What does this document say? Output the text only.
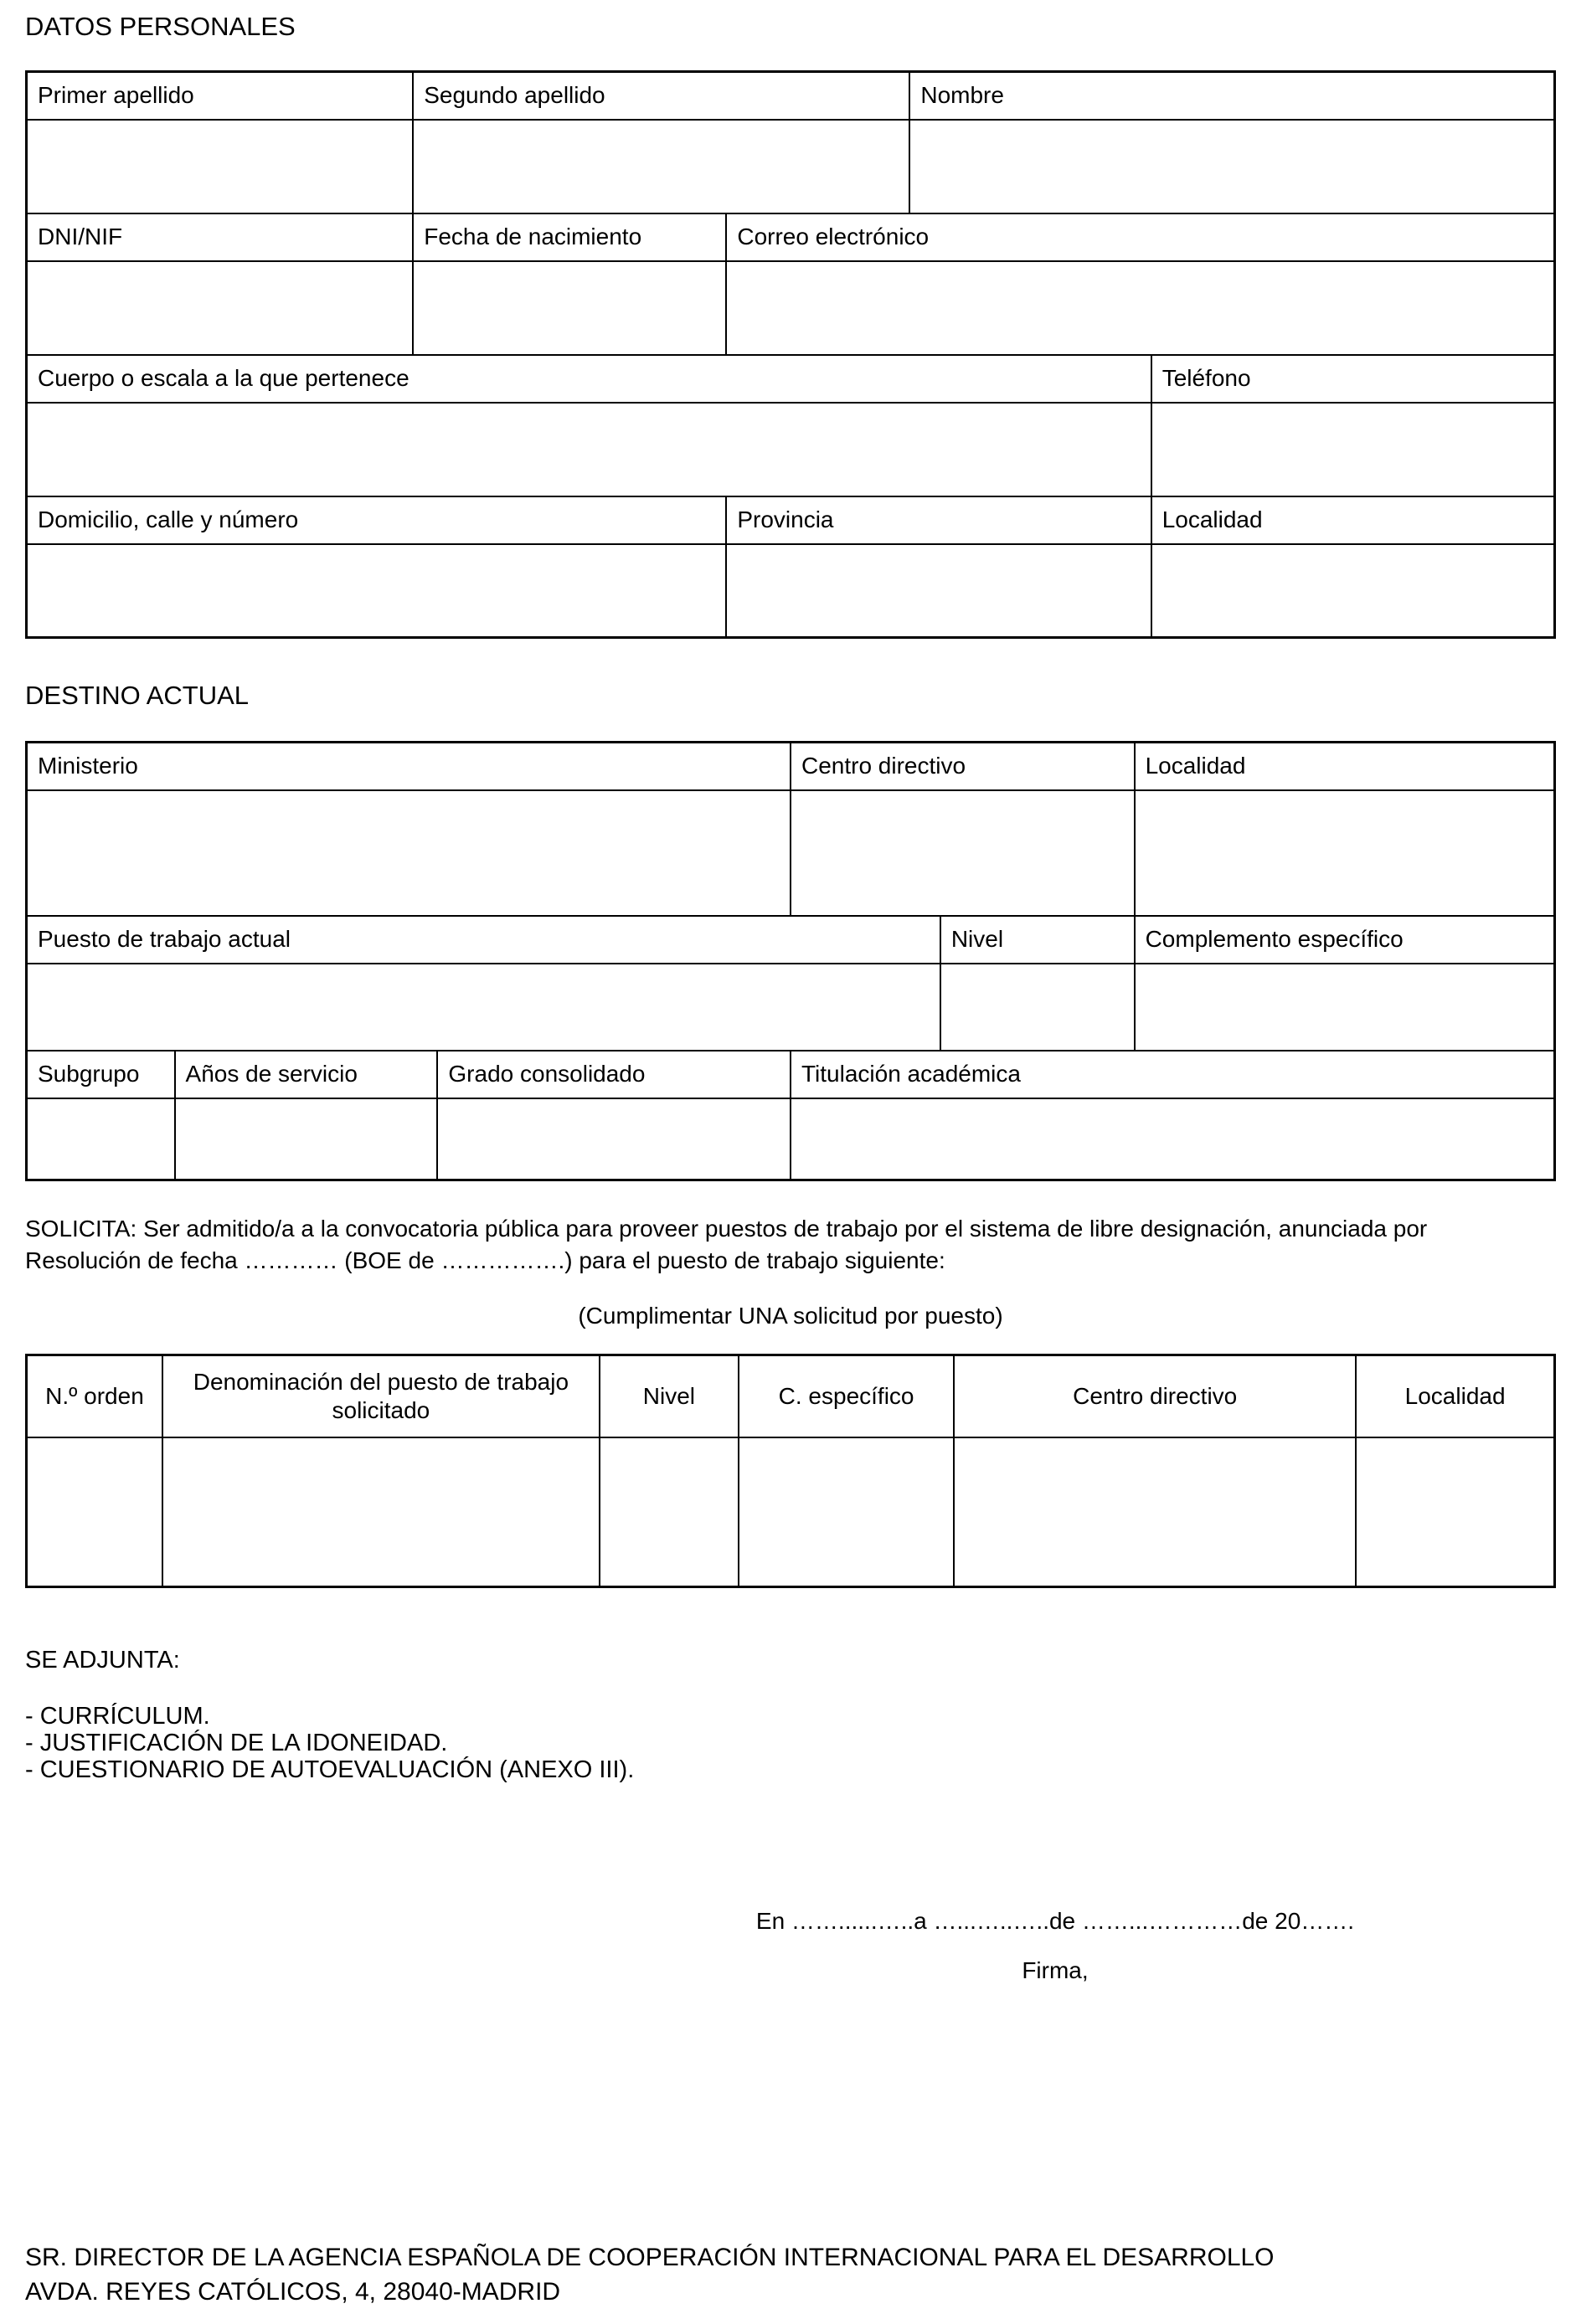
DATOS PERSONALES
Primer apellido	Segundo apellido		Nombre	

DNI/NIF	Fecha de nacimiento	Correo electrónico		

Cuerpo o escala a la que pertenece				Teléfono

Domicilio, calle y número		Provincia		Localidad

DESTINO ACTUAL
Ministerio			Centro directivo		Localidad

Puesto de trabajo actual				Nivel	Complemento específico

Subgrupo	Años de servicio	Grado consolidado	Titulación académica		

SOLICITA: Ser admitido/a a la convocatoria pública para proveer puestos de trabajo por el sistema de libre designación, anunciada por
Resolución de fecha ………… (BOE de …………….) para el puesto de trabajo siguiente:
(Cumplimentar UNA solicitud por puesto)
N.º orden	Denominación del puesto de trabajo solicitado	Nivel	C. específico	Centro directivo	Localidad

SE ADJUNTA:
- CURRÍCULUM.
- JUSTIFICACIÓN DE LA IDONEIDAD.
- CUESTIONARIO DE AUTOEVALUACIÓN (ANEXO III).
En ……......…..a …...…..…..de ……...…………de 20…….
Firma,
SR. DIRECTOR DE LA AGENCIA ESPAÑOLA DE COOPERACIÓN INTERNACIONAL PARA EL DESARROLLO
AVDA. REYES CATÓLICOS, 4, 28040-MADRID
